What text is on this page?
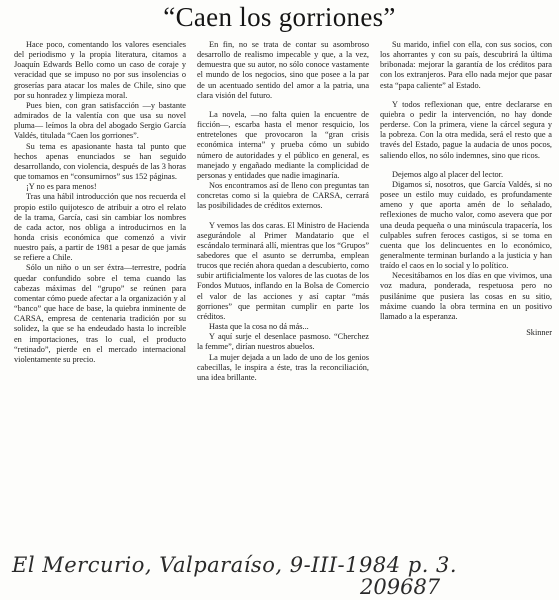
“Caen los gorriones”

Hace poco, comentando los valores esenciales del periodismo y la propia literatura, citamos a Joaquín Edwards Bello como un caso de coraje y veracidad que se impuso no por sus insolencias o groserías para atacar los males de Chile, sino que por su honradez y limpieza moral.

Pues bien, con gran satisfacción —y bastante admirados de la valentía con que usa su novel pluma— leímos la obra del abogado Sergio García Valdés, titulada “Caen los gorriones”.

Su tema es apasionante hasta tal punto que hechos apenas enunciados se han seguido desarrollando, con violencia, después de las 3 horas que tomamos en “consumirnos” sus 152 páginas.

¡Y no es para menos!

Tras una hábil introducción que nos recuerda el propio estilo quijotesco de atribuir a otro el relato de la trama, García, casi sin cambiar los nombres de cada actor, nos obliga a introducirnos en la honda crisis económica que comenzó a vivir nuestro país, a partir de 1981 a pesar de que jamás se refiere a Chile.

Sólo un niño o un ser éxtra—terrestre, podría quedar confundido sobre el tema cuando las cabezas máximas del “grupo” se reúnen para comentar cómo puede afectar a la organización y al “banco” que hace de base, la quiebra inminente de CARSA, empresa de centenaria tradición por su solidez, la que se ha endeudado hasta lo increíble en importaciones, tras lo cual, el producto “retinado”, pierde en el mercado internacional violentamente su precio.

En fin, no se trata de contar su asombroso desarrollo de realismo impecable y que, a la vez, demuestra que su autor, no sólo conoce vastamente el mundo de los negocios, sino que posee a la par de un acentuado sentido del amor a la patria, una clara visión del futuro.

La novela, —no falta quien la encuentre de ficción—, escarba hasta el menor resquicio, los entretelones que provocaron la “gran crisis económica interna” y prueba cómo un subido número de autoridades y el público en general, es manejado y engañado mediante la complicidad de personas y entidades que nadie imaginaría.

Nos encontramos así de lleno con preguntas tan concretas como si la quiebra de CARSA, cerrará las posibilidades de créditos externos.

Y vemos las dos caras. El Ministro de Hacienda asegurándole al Primer Mandatario que el escándalo terminará allí, mientras que los “Grupos” sabedores que el asunto se derrumba, emplean trucos que recién ahora quedan a descubierto, como subir artificialmente los valores de las cuotas de los Fondos Mutuos, inflando en la Bolsa de Comercio el valor de las acciones y así captar “más gorriones” que permitan cumplir en parte los créditos.

Hasta que la cosa no dá más...

Y aquí surje el desenlace pasmoso. “Cherchez la femme”, dirían nuestros abuelos.

La mujer dejada a un lado de uno de los genios cabecillas, le inspira a éste, tras la reconciliación, una idea brillante.

Su marido, infiel con ella, con sus socios, con los ahorrantes y con su país, descubrirá la última bribonada: mejorar la garantía de los créditos para con los extranjeros. Para ello nada mejor que pasar esta “papa caliente” al Estado.

Y todos reflexionan que, entre declararse en quiebra o pedir la intervención, no hay donde perderse. Con la primera, viene la cárcel segura y la pobreza. Con la otra medida, será el resto que a través del Estado, pague la audacia de unos pocos, saliendo ellos, no sólo indemnes, sino que ricos.

Dejemos algo al placer del lector.

Digamos sí, nosotros, que García Valdés, si no posee un estilo muy cuidado, es profundamente ameno y que aporta amén de lo señalado, reflexiones de mucho valor, como asevera que por una deuda pequeña o una minúscula trapacería, los culpables sufren feroces castigos, si se toma en cuenta que los delincuentes en lo económico, generalmente terminan burlando a la justicia y han traído el caos en lo social y lo político.

Necesitábamos en los días en que vivimos, una voz madura, ponderada, respetuosa pero no pusilánime que pusiera las cosas en su sitio, máxime cuando la obra termina en un positivo llamado a la esperanza.

Skinner

El Mercurio, Valparaíso, 9-III-1984 p. 3.
209687
